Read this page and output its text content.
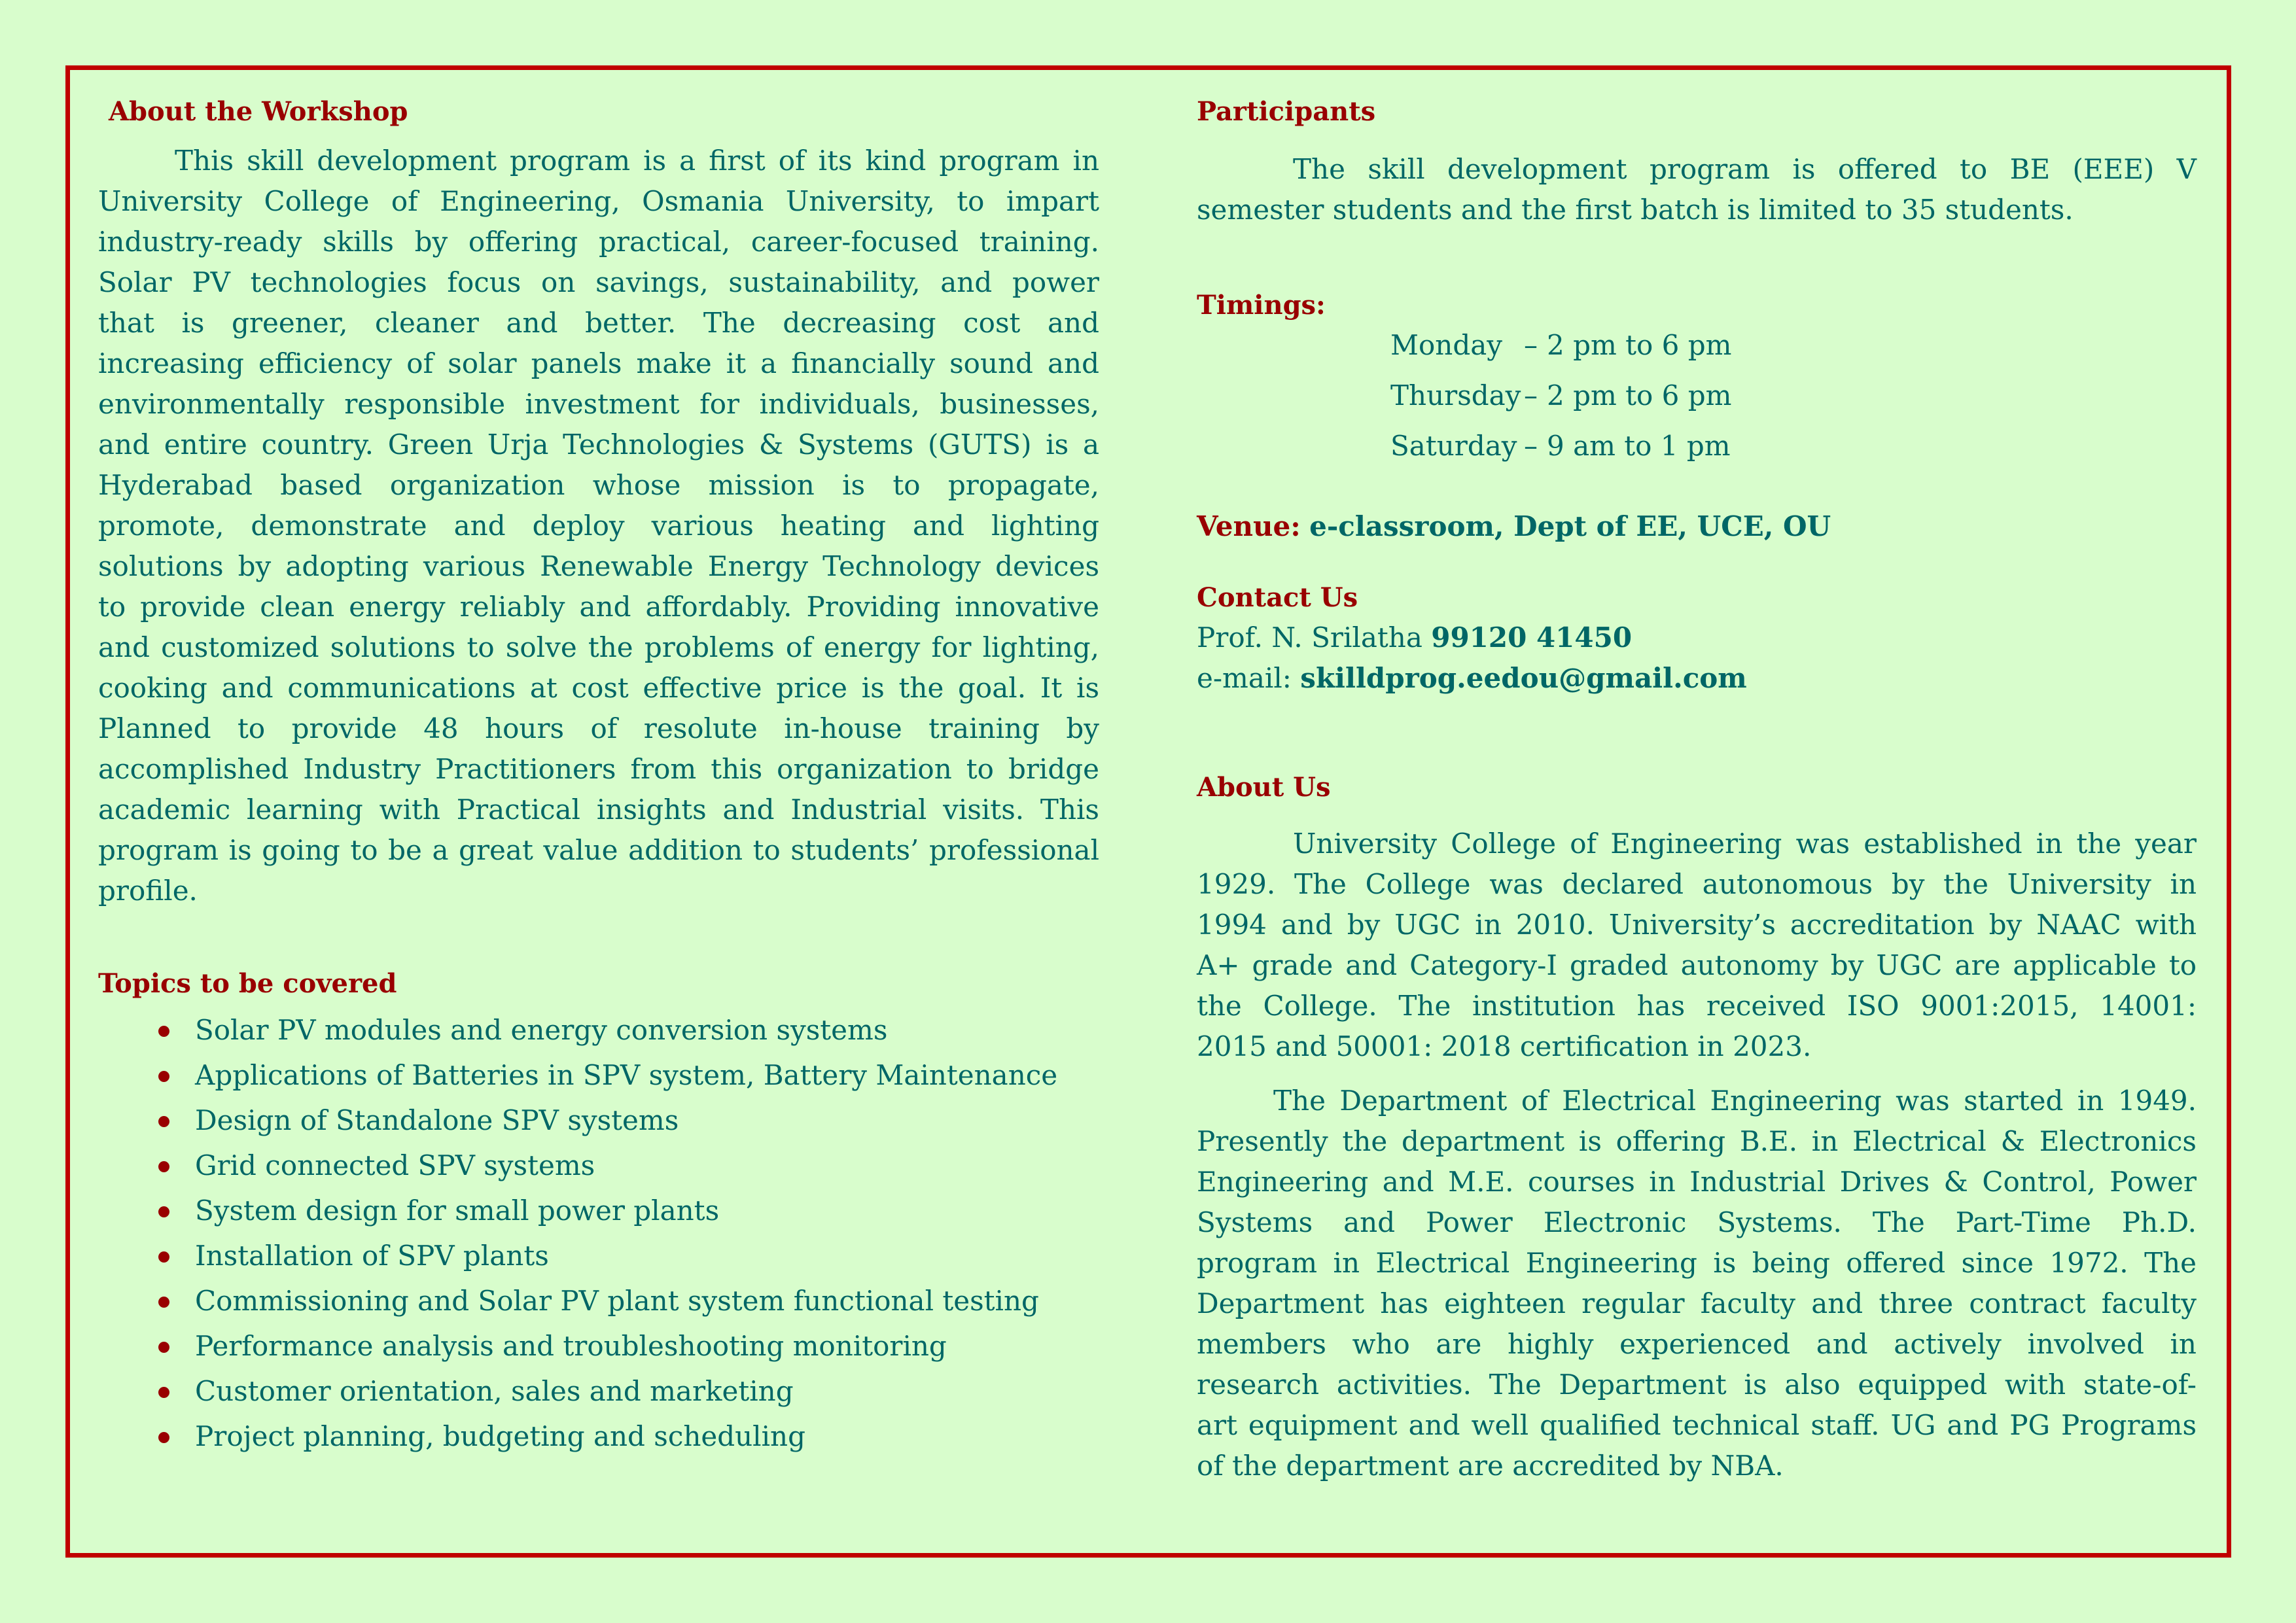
About the Workshop
This skill development program is a first of its kind program in
University College of Engineering, Osmania University, to impart
industry-ready skills by offering practical, career-focused training.
Solar PV technologies focus on savings, sustainability, and power
that is greener, cleaner and better. The decreasing cost and
increasing efficiency of solar panels make it a financially sound and
environmentally responsible investment for individuals, businesses,
and entire country. Green Urja Technologies & Systems (GUTS) is a
Hyderabad based organization whose mission is to propagate,
promote, demonstrate and deploy various heating and lighting
solutions by adopting various Renewable Energy Technology devices
to provide clean energy reliably and affordably. Providing innovative
and customized solutions to solve the problems of energy for lighting,
cooking and communications at cost effective price is the goal. It is
Planned to provide 48 hours of resolute in-house training by
accomplished Industry Practitioners from this organization to bridge
academic learning with Practical insights and Industrial visits. This
program is going to be a great value addition to students’ professional
profile.
Topics to be covered
Solar PV modules and energy conversion systems
Applications of Batteries in SPV system, Battery Maintenance
Design of Standalone SPV systems
Grid connected SPV systems
System design for small power plants
Installation of SPV plants
Commissioning and Solar PV plant system functional testing
Performance analysis and troubleshooting monitoring
Customer orientation, sales and marketing
Project planning, budgeting and scheduling
Participants
The skill development program is offered to BE (EEE) V
semester students and the first batch is limited to 35 students.
Timings:
Monday – 2 pm to 6 pm
Thursday – 2 pm to 6 pm
Saturday – 9 am to 1 pm
Venue: e-classroom, Dept of EE, UCE, OU
Contact Us
Prof. N. Srilatha 99120 41450
e-mail: skilldprog.eedou@gmail.com
About Us
University College of Engineering was established in the year
1929. The College was declared autonomous by the University in
1994 and by UGC in 2010. University’s accreditation by NAAC with
A+ grade and Category-I graded autonomy by UGC are applicable to
the College. The institution has received ISO 9001:2015, 14001:
2015 and 50001: 2018 certification in 2023.
The Department of Electrical Engineering was started in 1949.
Presently the department is offering B.E. in Electrical & Electronics
Engineering and M.E. courses in Industrial Drives & Control, Power
Systems and Power Electronic Systems. The Part-Time Ph.D.
program in Electrical Engineering is being offered since 1972. The
Department has eighteen regular faculty and three contract faculty
members who are highly experienced and actively involved in
research activities. The Department is also equipped with state-of-
art equipment and well qualified technical staff. UG and PG Programs
of the department are accredited by NBA.
